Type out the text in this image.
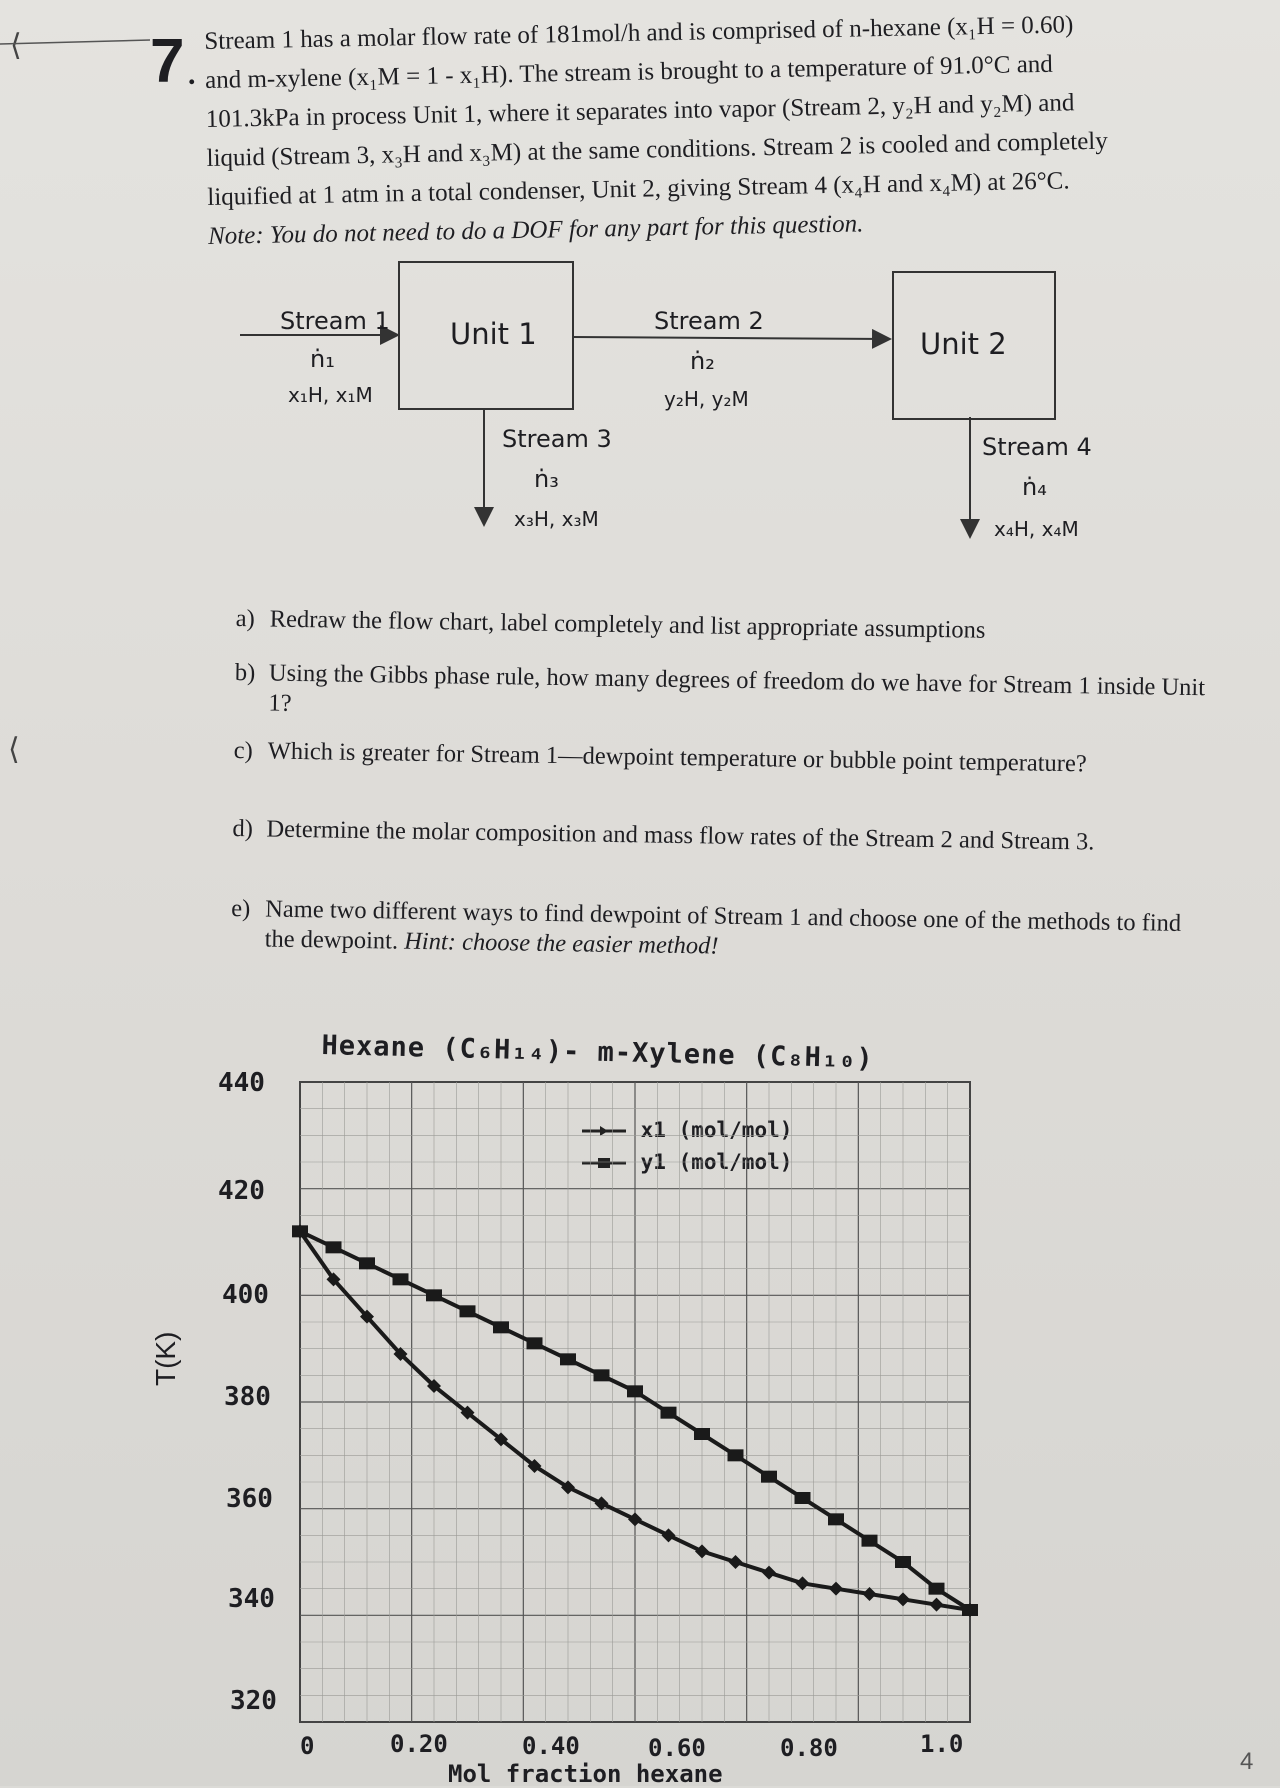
⟨
⟨
7 .

Stream 1 has a molar flow rate of 181mol/h and is comprised of n-hexane (x₁H = 0.60)

and m-xylene (x₁M = 1 - x₁H). The stream is brought to a temperature of 91.0°C and

101.3kPa in process Unit 1, where it separates into vapor (Stream 2, y₂H and y₂M) and

liquid (Stream 3, x₃H and x₃M) at the same conditions. Stream 2 is cooled and completely

liquified at 1 atm in a total condenser, Unit 2, giving Stream 4 (x₄H and x₄M) at 26°C.

Note: You do not need to do a DOF for any part for this question.

Unit 1	Unit 2
Stream 1
ṅ₁
x₁H, x₁M
Stream 2
ṅ₂
y₂H, y₂M
Stream 3
ṅ₃
x₃H, x₃M
Stream 4
ṅ₄
x₄H, x₄M
a) Redraw the flow chart, label completely and list appropriate assumptions
b) Using the Gibbs phase rule, how many degrees of freedom do we have for Stream 1 inside Unit 1?
c) Which is greater for Stream 1—dewpoint temperature or bubble point temperature?
d) Determine the molar composition and mass flow rates of the Stream 2 and Stream 3.
e) Name two different ways to find dewpoint of Stream 1 and choose one of the methods to find the dewpoint. Hint: choose the easier method!
Hexane (C₆H₁₄)- m-Xylene (C₈H₁₀)
440
420
400
380
360
340
320
0	0.20	0.40	0.60	0.80	1.0
Mol fraction hexane
T(K)
x1 (mol/mol)
y1 (mol/mol)
4
